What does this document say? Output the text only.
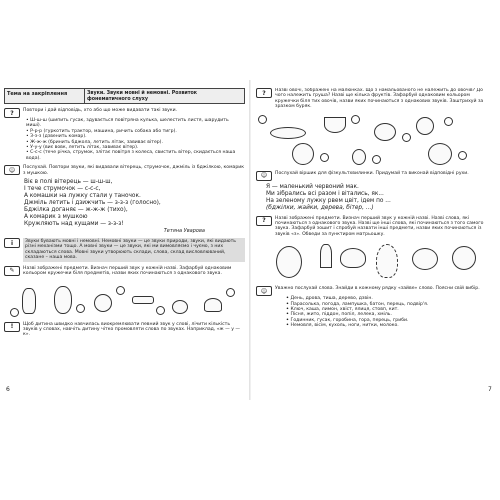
Тема на закріплення	Звуки. Звуки мовні й немовні. Розвиток фонематичного слуху
?	Повтори і дай відповідь, хто або що може видавати такі звуки.
• Ш-ш-ш (шипить гусак, здувається повітряна кулька, шелестить листя, шарудить миші).
• Р-р-р (гуркотить трактор, машина, ричить собака або тигр).
• З-з-з (дзвенить комар).
• Ж-ж-ж (бринить бджола, летить літак, завиває вітер).
• У-у-у (виє вовк, летить літак, завиває вітер).
• С-с-с (тече річка, струмок, злітає повітря з колеса, свистить вітер, скидається наша вода).
☺	Послухай. Повтори звуки, які видавали вітерець, струмочок, джміль із бджілкою, комарик з мушкою.
Віє в полі вітерець — ш-ш-ш,
І тече струмочок — с-с-с,
А комашки на лужку стали у таночок.
Джміль летить і дзижчить — з-з-з (голосно),
Бджілка доганяє — ж-ж-ж (тихо),
А комарик з мушкою
Кружляють над кущами — з-з-з!
Тетяна Уварова
i	Звуки бувають мовні і немовні. Немовні звуки — це звуки природи, звуки, які видають різні механізми тощо. А мовні звуки — це звуки, які ми вимовляємо і чуємо, з них складаються слова. Мовні звуки утворюють склади, слова, склад висловлюваний, сказане – наша мова.
✎	Назві зображені предмети. Визнач перший звук у кожній назві. Зафарбуй однаковим кольором кружечки біля предметів, назви яких починаються з однакового звука.
!	Щоб дитина швидко навчилась виокремлювати певний звук у слові, лічити кількість звуків у словах, навчіть дитину чітко промовляти слова по звуках. Наприклад, «ж — у — к».
6
?	Назві овочі, зображені на малюнках. Що з намальованого не належить до овочів? До чого належить груша? Назві ще кілька фруктів. Зафарбуй однаковим кольором кружечки біля тих овочів, назви яких починаються з однакових звуків. Заштрихуй за зразком буряк.
☺	Послухай віршик для фізкультхвилинки. Придумай та виконай відповідні рухи.
Я — маленький червоний мак.
Ми зібрались всі разом і вітались, як...
На зеленому лужку рвем цвіт, ідем по ...
(бджілки, жайки, дерева, бітер, ...)
?	Назві зображені предмети. Визнач перший звук у кожній назві. Назві слова, які починаються з однакового звука. Назві ще інші слова, які починаються з того самого звука. Зафарбуй зошит і спробуй назвати інші предмети, назви яких починаються із звуків «з». Обведи за пунктиром матрьошку.
☺	Уважно послухай слова. Знайди в кожному рядку «зайве» слово. Поясни свій вибір.
• День, дрова, тиша, дерево, дзвін.
• Парасолька, погода, лампушка, батон, перець, подвір'я.
• Ключ, каша, лимон, хвіст, ялиця, стовп, кит.
• Пісня, жито, піддон, попіл, лелека, хміль.
• Годинник, гусак, горобина, гора, перець, гриби.
• Немовля, вісім, кухоль, ноги, нитки, молоко.
7
